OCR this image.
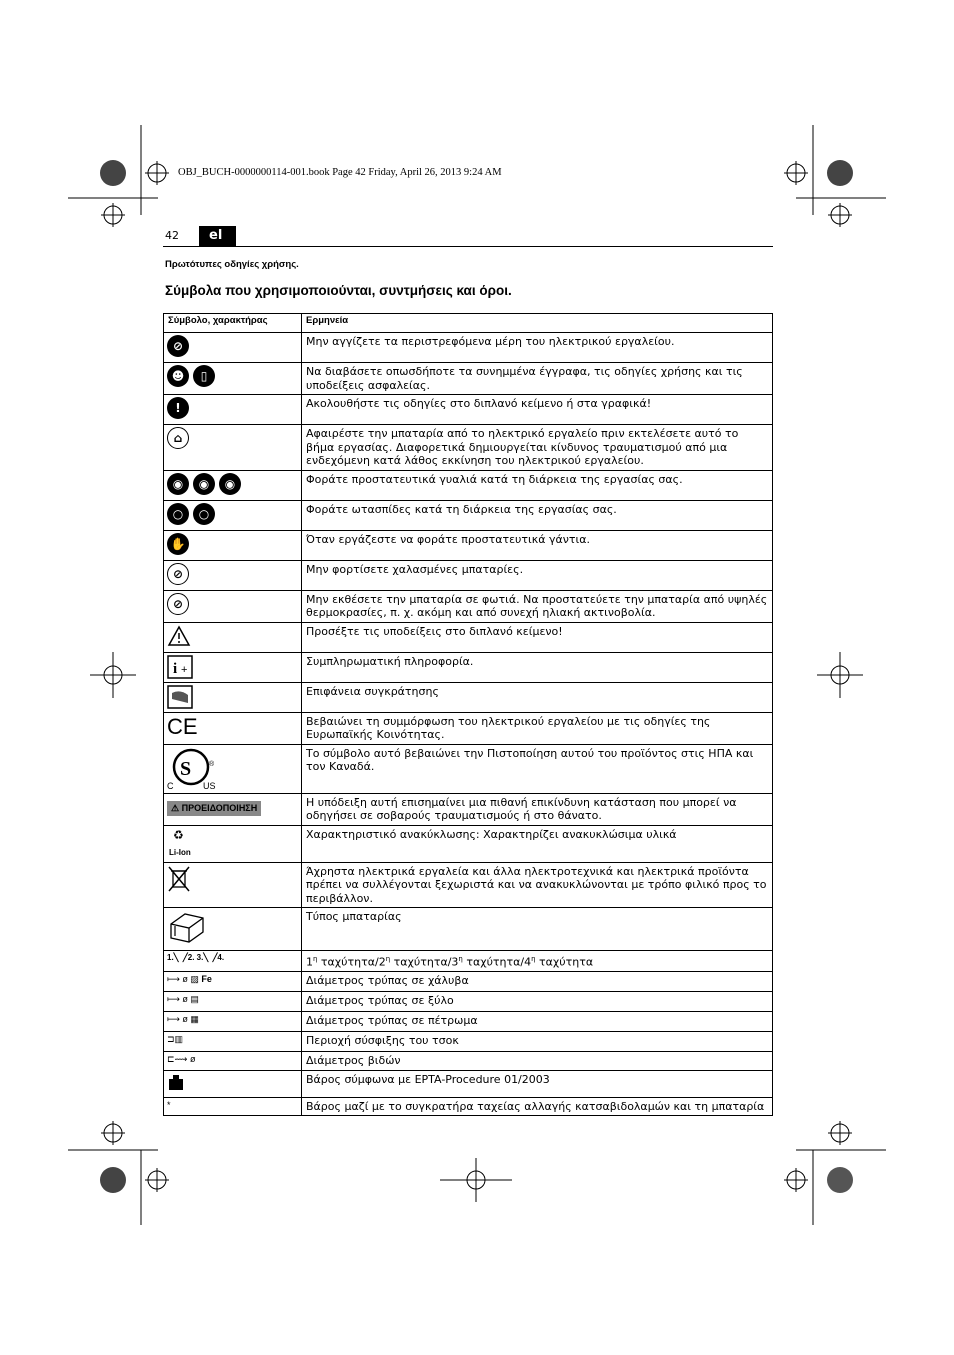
OBJ_BUCH-0000000114-001.book Page 42 Friday, April 26, 2013 9:24 AM
42	el
Πρωτότυπες οδηγίες χρήσης.
Σύμβολα που χρησιμοποιούνται, συντμήσεις και όροι.
Σύμβολο, χαρακτήρας	Ερμηνεία

⊘	Μην αγγίζετε τα περιστρεφόμενα μέρη του ηλεκτρικού εργαλείου.

☻ ▯	Να διαβάσετε οπωσδήποτε τα συνημμένα έγγραφα, τις οδηγίες χρήσης και τις υποδείξεις ασφαλείας.

!	Ακολουθήστε τις οδηγίες στο διπλανό κείμενο ή στα γραφικά!

⌂	Αφαιρέστε την μπαταρία από το ηλεκτρικό εργαλείο πριν εκτελέσετε αυτό το βήμα εργασίας. Διαφορετικά δημιουργείται κίνδυνος τραυματισμού από μια ενδεχόμενη κατά λάθος εκκίνηση του ηλεκτρικού εργαλείου.

◉ ◉ ◉	Φοράτε προστατευτικά γυαλιά κατά τη διάρκεια της εργασίας σας.

○ ○	Φοράτε ωτασπίδες κατά τη διάρκεια της εργασίας σας.

✋	Όταν εργάζεστε να φοράτε προστατευτικά γάντια.

⊘	Μην φορτίσετε χαλασμένες μπαταρίες.

⊘	Μην εκθέσετε την μπαταρία σε φωτιά. Να προστατεύετε την μπαταρία από υψηλές θερμοκρασίες, π. χ. ακόμη και από συνεχή ηλιακή ακτινοβολία.

	Προσέξτε τις υποδείξεις στο διπλανό κείμενο!

i +	Συμπληρωματική πληροφορία.

	Επιφάνεια συγκράτησης

CE	Βεβαιώνει τη συμμόρφωση του ηλεκτρικού εργαλείου με τις οδηγίες της Ευρωπαϊκής Κοινότητας.

S
C US
®	Το σύμβολο αυτό βεβαιώνει την Πιστοποίηση αυτού του προϊόντος στις ΗΠΑ και τον Καναδά.
⚠ ΠΡΟΕΙΔΟΠΟΙΗΣΗ	Η υπόδειξη αυτή επισημαίνει μια πιθανή επικίνδυνη κατάσταση που μπορεί να οδηγήσει σε σοβαρούς τραυματισμούς ή στο θάνατο.

♻
Li-Ion	Χαρακτηριστικό ανακύκλωσης: Χαρακτηρίζει ανακυκλώσιμα υλικά
	Άχρηστα ηλεκτρικά εργαλεία και άλλα ηλεκτροτεχνικά και ηλεκτρικά προϊόντα πρέπει να συλλέγονται ξεχωριστά και να ανακυκλώνονται με τρόπο φιλικό προς το περιβάλλον.
	Τύπος μπαταρίας
1.╲  ╱2. 3.╲  ╱4.	$1^\eta$ ταχύτητα/$2^\eta$ ταχύτητα/$3^\eta$ ταχύτητα/$4^\eta$ ταχύτητα
⟼ ø ▨ Fe	Διάμετρος τρύπας σε χάλυβα
⟼ ø ▤	Διάμετρος τρύπας σε ξύλο
⟼ ø ▦	Διάμετρος τρύπας σε πέτρωμα
⊐▥	Περιοχή σύσφιξης του τσοκ
⊏⟿ ø	Διάμετρος βιδών
	Βάρος σύμφωνα με EPTA-Procedure 01/2003
*	Βάρος μαζί με το συγκρατήρα ταχείας αλλαγής κατσαβιδολαμών και τη μπαταρία
